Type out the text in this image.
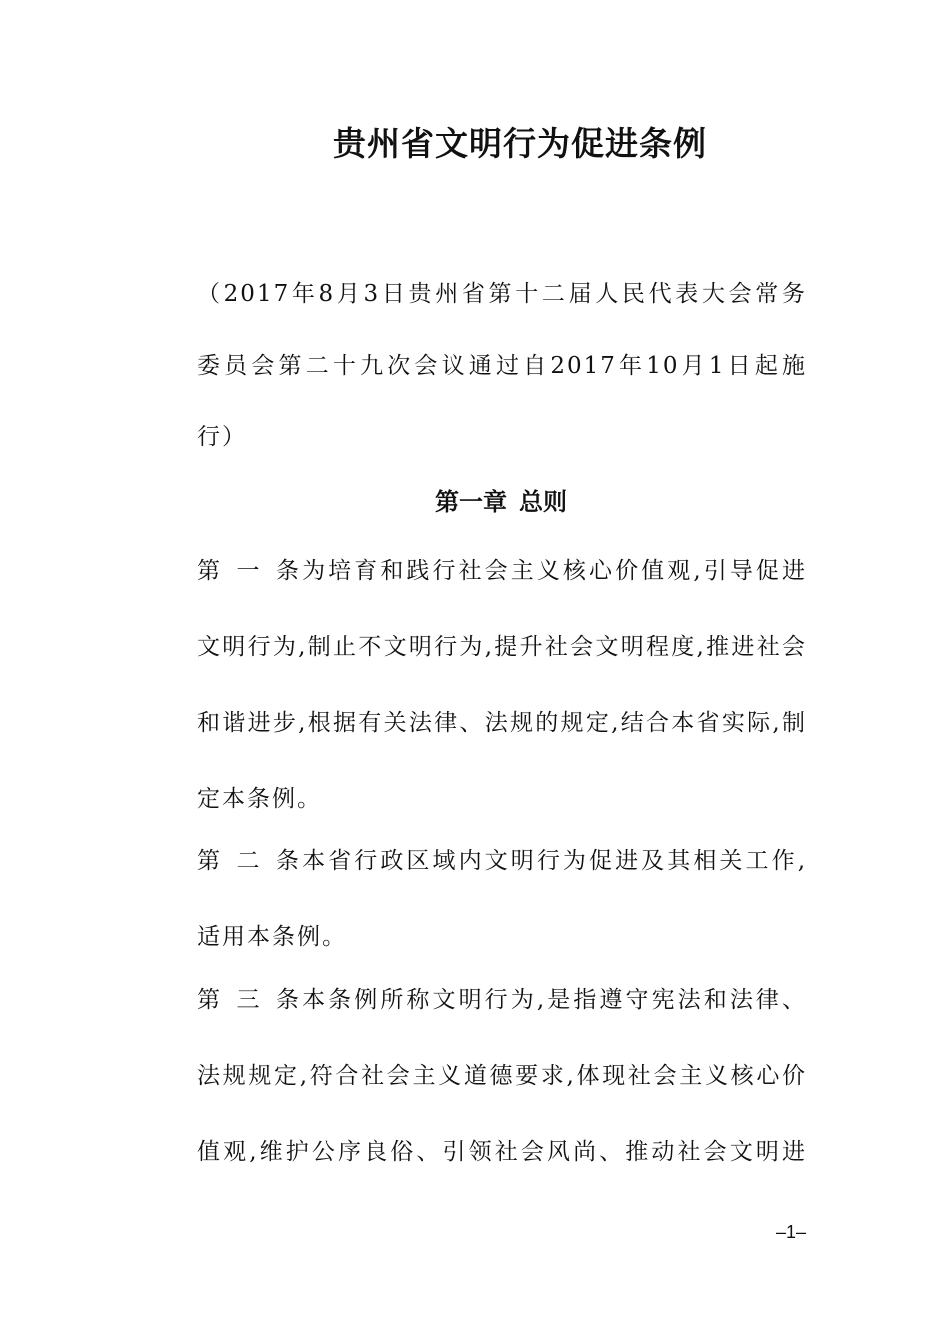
贵州省文明行为促进条例
（2017年8月3日贵州省第十二届人民代表大会常务
委员会第二十九次会议通过自2017年10月1日起施
行）
第一章 总则
第一条为培育和践行社会主义核心价值观,引导促进
文明行为,制止不文明行为,提升社会文明程度,推进社会
和谐进步,根据有关法律、法规的规定,结合本省实际,制
定本条例。
第二条本省行政区域内文明行为促进及其相关工作,
适用本条例。
第三条本条例所称文明行为,是指遵守宪法和法律、
法规规定,符合社会主义道德要求,体现社会主义核心价
值观,维护公序良俗、引领社会风尚、推动社会文明进
–1–
